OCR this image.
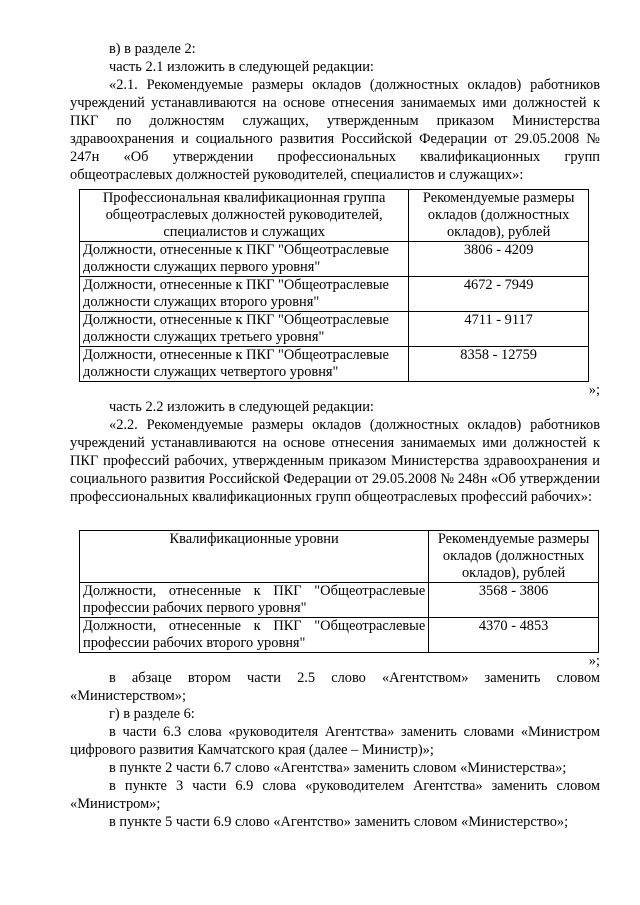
в) в разделе 2:

часть 2.1 изложить в следующей редакции:

«2.1. Рекомендуемые размеры окладов (должностных окладов) работников учреждений устанавливаются на основе отнесения занимаемых ими должностей к ПКГ по должностям служащих, утвержденным приказом Министерства здравоохранения и социального развития Российской Федерации от 29.05.2008 № 247н «Об утверждении профессиональных квалификационных групп общеотраслевых должностей руководителей, специалистов и служащих»:

Профессиональная квалификационная группа общеотраслевых должностей руководителей, специалистов и служащих	Рекомендуемые размеры окладов (должностных окладов), рублей
Должности, отнесенные к ПКГ "Общеотраслевые должности служащих первого уровня"	3806 - 4209
Должности, отнесенные к ПКГ "Общеотраслевые должности служащих второго уровня"	4672 - 7949
Должности, отнесенные к ПКГ "Общеотраслевые должности служащих третьего уровня"	4711 - 9117
Должности, отнесенные к ПКГ "Общеотраслевые должности служащих четвертого уровня"	8358 - 12759

»;

часть 2.2 изложить в следующей редакции:

«2.2. Рекомендуемые размеры окладов (должностных окладов) работников учреждений устанавливаются на основе отнесения занимаемых ими должностей к ПКГ профессий рабочих, утвержденным приказом Министерства здравоохранения и социального развития Российской Федерации от 29.05.2008 № 248н «Об утверждении профессиональных квалификационных групп общеотраслевых профессий рабочих»:

Квалификационные уровни	Рекомендуемые размеры окладов (должностных окладов), рублей
Должности, отнесенные к ПКГ "Общеотраслевые профессии рабочих первого уровня"	3568 - 3806
Должности, отнесенные к ПКГ "Общеотраслевые профессии рабочих второго уровня"	4370 - 4853

»;

в абзаце втором части 2.5 слово «Агентством» заменить словом «Министерством»;

г) в разделе 6:

в части 6.3 слова «руководителя Агентства» заменить словами «Министром цифрового развития Камчатского края (далее – Министр)»;

в пункте 2 части 6.7 слово «Агентства» заменить словом «Министерства»;

в пункте 3 части 6.9 слова «руководителем Агентства» заменить словом «Министром»;

в пункте 5 части 6.9 слово «Агентство» заменить словом «Министерство»;
